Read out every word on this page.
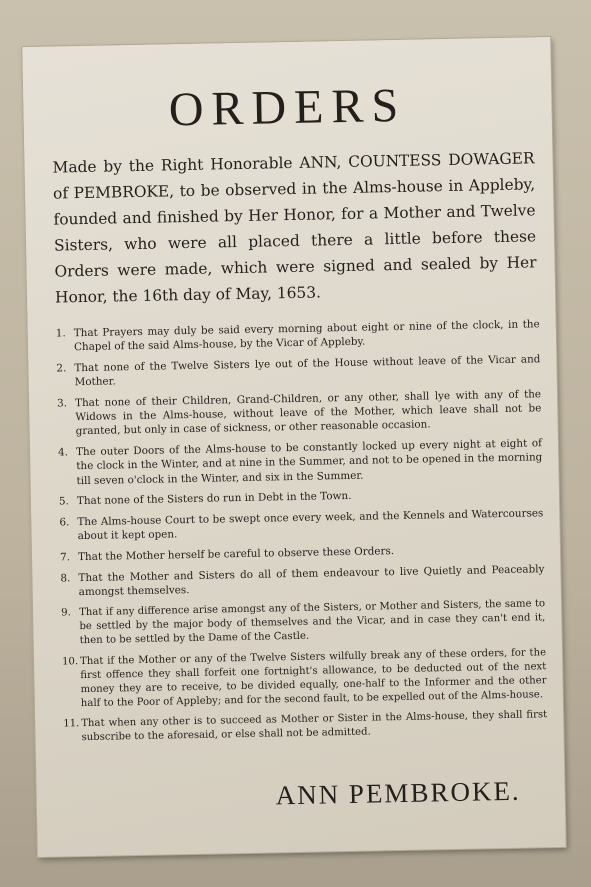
ORDERS

Made by the Right Honorable ANN, COUNTESS DOWAGER of PEMBROKE, to be observed in the Alms-house in Appleby, founded and finished by Her Honor, for a Mother and Twelve Sisters, who were all placed there a little before these Orders were made, which were signed and sealed by Her Honor, the 16th day of May, 1653.

1. That Prayers may duly be said every morning about eight or nine of the clock, in the Chapel of the said Alms-house, by the Vicar of Appleby.
2. That none of the Twelve Sisters lye out of the House without leave of the Vicar and Mother.
3. That none of their Children, Grand-Children, or any other, shall lye with any of the Widows in the Alms-house, without leave of the Mother, which leave shall not be granted, but only in case of sickness, or other reasonable occasion.
4. The outer Doors of the Alms-house to be constantly locked up every night at eight of the clock in the Winter, and at nine in the Summer, and not to be opened in the morning till seven o'clock in the Winter, and six in the Summer.
5. That none of the Sisters do run in Debt in the Town.
6. The Alms-house Court to be swept once every week, and the Kennels and Watercourses about it kept open.
7. That the Mother herself be careful to observe these Orders.
8. That the Mother and Sisters do all of them endeavour to live Quietly and Peaceably amongst themselves.
9. That if any difference arise amongst any of the Sisters, or Mother and Sisters, the same to be settled by the major body of themselves and the Vicar, and in case they can't end it, then to be settled by the Dame of the Castle.
10. That if the Mother or any of the Twelve Sisters wilfully break any of these orders, for the first offence they shall forfeit one fortnight's allowance, to be deducted out of the next money they are to receive, to be divided equally, one-half to the Informer and the other half to the Poor of Appleby; and for the second fault, to be expelled out of the Alms-house.
11. That when any other is to succeed as Mother or Sister in the Alms-house, they shall first subscribe to the aforesaid, or else shall not be admitted.

ANN PEMBROKE.
